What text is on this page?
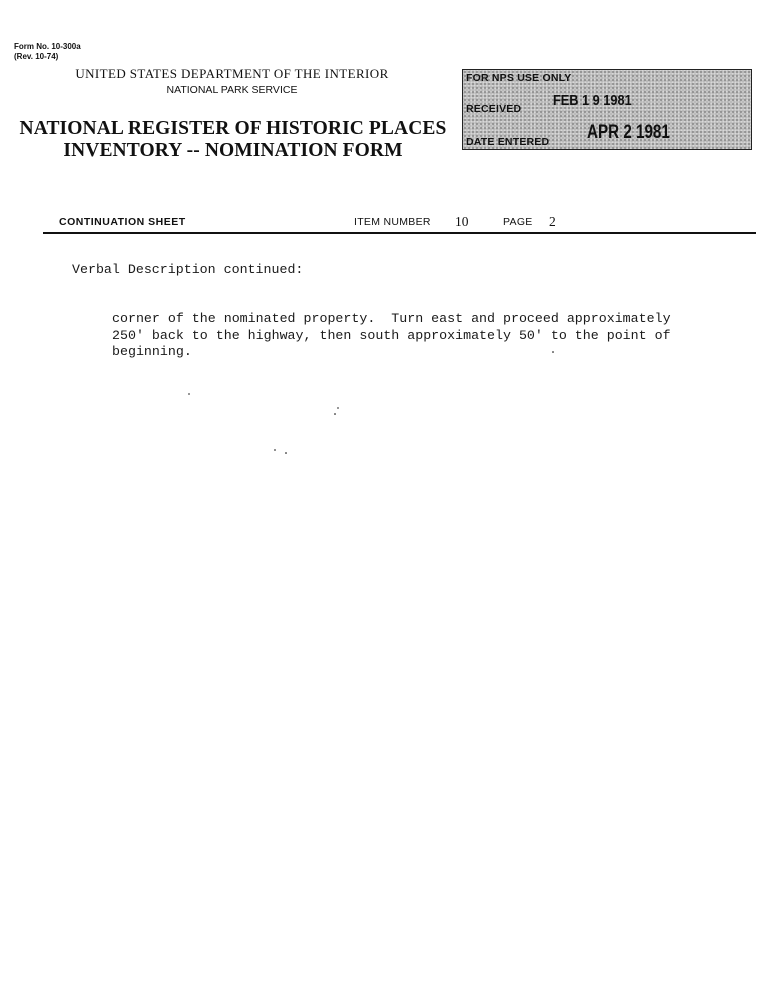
Form No. 10-300a
(Rev. 10-74)
UNITED STATES DEPARTMENT OF THE INTERIOR
NATIONAL PARK SERVICE
NATIONAL REGISTER OF HISTORIC PLACES
INVENTORY -- NOMINATION FORM
FOR NPS USE ONLY
RECEIVED FEB 1 9 1981
DATE ENTERED APR 2 1981
CONTINUATION SHEET	ITEM NUMBER 10	PAGE 2
Verbal Description continued:
corner of the nominated property.  Turn east and proceed approximately
250' back to the highway, then south approximately 50' to the point of
beginning.
